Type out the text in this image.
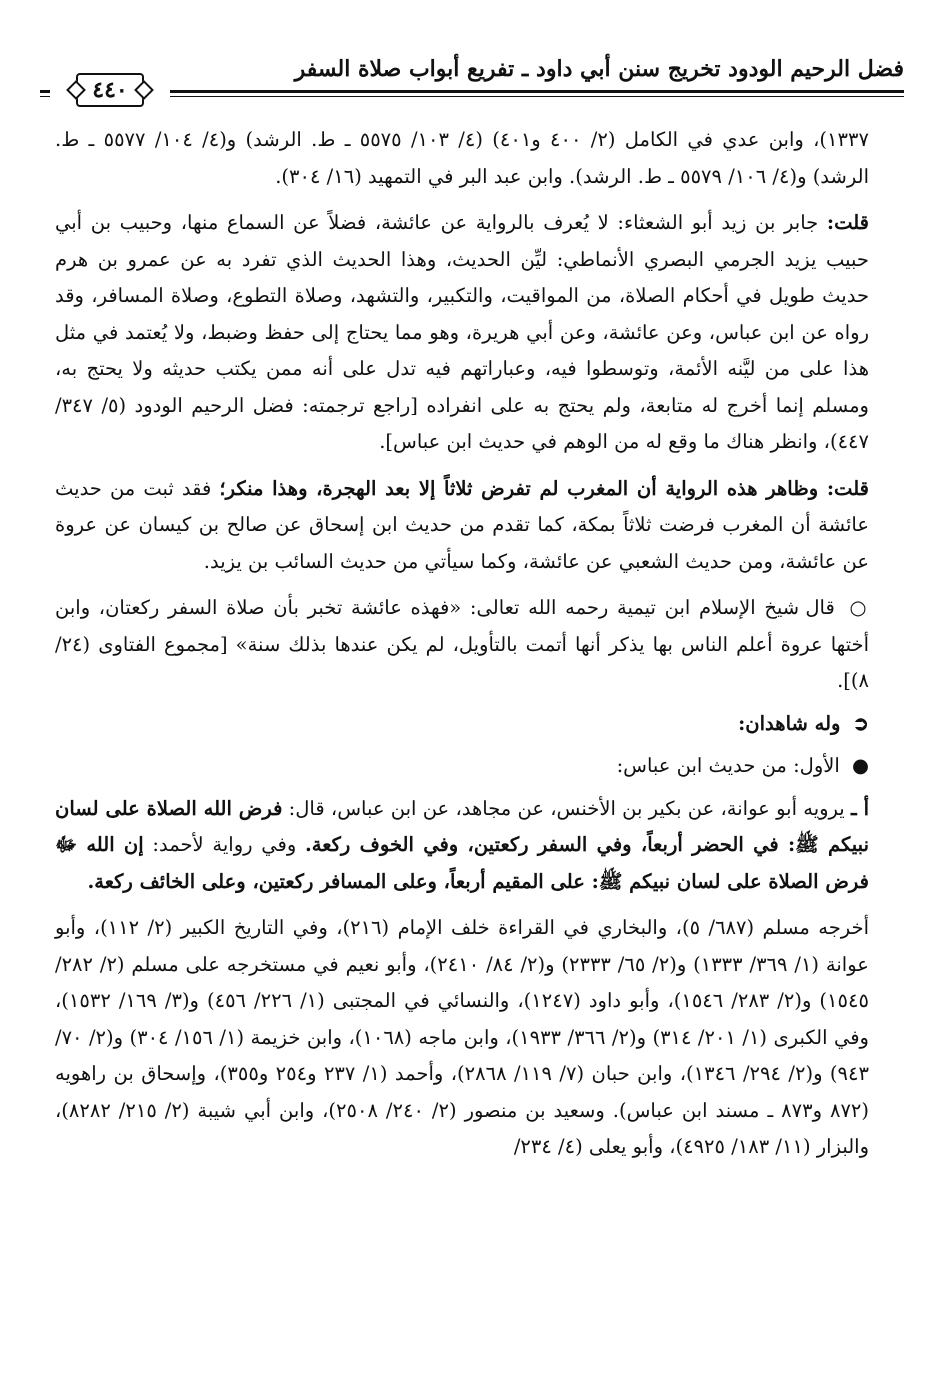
فضل الرحيم الودود تخريج سنن أبي داود ـ تفريع أبواب صلاة السفر
٤٤٠

١٣٣٧)، وابن عدي في الكامل (٢/ ٤٠٠ و٤٠١) (٤/ ١٠٣/ ٥٥٧٥ ـ ط. الرشد) و(٤/ ١٠٤/ ٥٥٧٧ ـ ط. الرشد) و(٤/ ١٠٦/ ٥٥٧٩ ـ ط. الرشد). وابن عبد البر في التمهيد (١٦/ ٣٠٤).

قلت: جابر بن زيد أبو الشعثاء: لا يُعرف بالرواية عن عائشة، فضلاً عن السماع منها، وحبيب بن أبي حبيب يزيد الجرمي البصري الأنماطي: ليِّن الحديث، وهذا الحديث الذي تفرد به عن عمرو بن هرم حديث طويل في أحكام الصلاة، من المواقيت، والتكبير، والتشهد، وصلاة التطوع، وصلاة المسافر، وقد رواه عن ابن عباس، وعن عائشة، وعن أبي هريرة، وهو مما يحتاج إلى حفظ وضبط، ولا يُعتمد في مثل هذا على من ليَّنه الأئمة، وتوسطوا فيه، وعباراتهم فيه تدل على أنه ممن يكتب حديثه ولا يحتج به، ومسلم إنما أخرج له متابعة، ولم يحتج به على انفراده [راجع ترجمته: فضل الرحيم الودود (٥/ ٣٤٧/ ٤٤٧)، وانظر هناك ما وقع له من الوهم في حديث ابن عباس].

قلت: وظاهر هذه الرواية أن المغرب لم تفرض ثلاثاً إلا بعد الهجرة، وهذا منكر؛ فقد ثبت من حديث عائشة أن المغرب فرضت ثلاثاً بمكة، كما تقدم من حديث ابن إسحاق عن صالح بن كيسان عن عروة عن عائشة، ومن حديث الشعبي عن عائشة، وكما سيأتي من حديث السائب بن يزيد.

○ قال شيخ الإسلام ابن تيمية رحمه الله تعالى: «فهذه عائشة تخبر بأن صلاة السفر ركعتان، وابن أختها عروة أعلم الناس بها يذكر أنها أتمت بالتأويل، لم يكن عندها بذلك سنة» [مجموع الفتاوى (٢٤/ ٨)].

➲ وله شاهدان:

● الأول: من حديث ابن عباس:

أ ـ يرويه أبو عوانة، عن بكير بن الأخنس، عن مجاهد، عن ابن عباس، قال: فرض الله الصلاة على لسان نبيكم ﷺ: في الحضر أربعاً، وفي السفر ركعتين، وفي الخوف ركعة. وفي رواية لأحمد: إن الله ﷻ فرض الصلاة على لسان نبيكم ﷺ: على المقيم أربعاً، وعلى المسافر ركعتين، وعلى الخائف ركعة.

أخرجه مسلم (٦٨٧/ ٥)، والبخاري في القراءة خلف الإمام (٢١٦)، وفي التاريخ الكبير (٢/ ١١٢)، وأبو عوانة (١/ ٣٦٩/ ١٣٣٣) و(٢/ ٦٥/ ٢٣٣٣) و(٢/ ٨٤/ ٢٤١٠)، وأبو نعيم في مستخرجه على مسلم (٢/ ٢٨٢/ ١٥٤٥) و(٢/ ٢٨٣/ ١٥٤٦)، وأبو داود (١٢٤٧)، والنسائي في المجتبى (١/ ٢٢٦/ ٤٥٦) و(٣/ ١٦٩/ ١٥٣٢)، وفي الكبرى (١/ ٢٠١/ ٣١٤) و(٢/ ٣٦٦/ ١٩٣٣)، وابن ماجه (١٠٦٨)، وابن خزيمة (١/ ١٥٦/ ٣٠٤) و(٢/ ٧٠/ ٩٤٣) و(٢/ ٢٩٤/ ١٣٤٦)، وابن حبان (٧/ ١١٩/ ٢٨٦٨)، وأحمد (١/ ٢٣٧ و٢٥٤ و٣٥٥)، وإسحاق بن راهويه (٨٧٢ و٨٧٣ ـ مسند ابن عباس). وسعيد بن منصور (٢/ ٢٤٠/ ٢٥٠٨)، وابن أبي شيبة (٢/ ٢١٥/ ٨٢٨٢)، والبزار (١١/ ١٨٣/ ٤٩٢٥)، وأبو يعلى (٤/ ٢٣٤/
